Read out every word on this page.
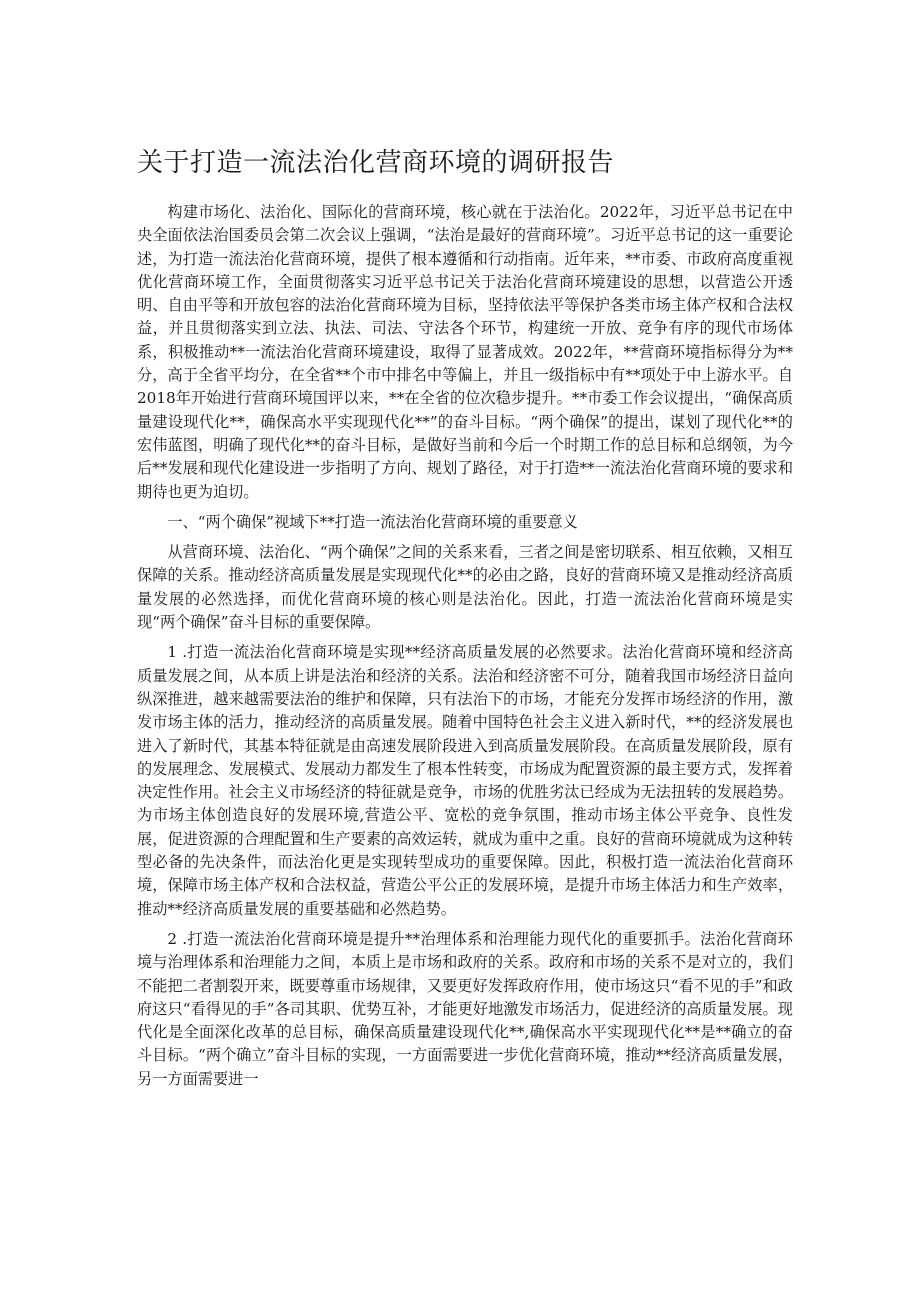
关于打造一流法治化营商环境的调研报告

构建市场化、法治化、国际化的营商环境，核心就在于法治化。2022年，习近平总书记在中央全面依法治国委员会第二次会议上强调，“法治是最好的营商环境”。习近平总书记的这一重要论述，为打造一流法治化营商环境，提供了根本遵循和行动指南。近年来，**市委、市政府高度重视优化营商环境工作，全面贯彻落实习近平总书记关于法治化营商环境建设的思想，以营造公开透明、自由平等和开放包容的法治化营商环境为目标，坚持依法平等保护各类市场主体产权和合法权益，并且贯彻落实到立法、执法、司法、守法各个环节，构建统一开放、竞争有序的现代市场体系，积极推动**一流法治化营商环境建设，取得了显著成效。2022年，**营商环境指标得分为**分，高于全省平均分，在全省**个市中排名中等偏上，并且一级指标中有**项处于中上游水平。自2018年开始进行营商环境国评以来，**在全省的位次稳步提升。**市委工作会议提出，“确保高质量建设现代化**，确保高水平实现现代化**”的奋斗目标。“两个确保”的提出，谋划了现代化**的宏伟蓝图，明确了现代化**的奋斗目标，是做好当前和今后一个时期工作的总目标和总纲领，为今后**发展和现代化建设进一步指明了方向、规划了路径，对于打造**一流法治化营商环境的要求和期待也更为迫切。

一、“两个确保”视域下**打造一流法治化营商环境的重要意义

从营商环境、法治化、“两个确保”之间的关系来看，三者之间是密切联系、相互依赖，又相互保障的关系。推动经济高质量发展是实现现代化**的必由之路，良好的营商环境又是推动经济高质量发展的必然选择，而优化营商环境的核心则是法治化。因此，打造一流法治化营商环境是实现“两个确保”奋斗目标的重要保障。

1 .打造一流法治化营商环境是实现**经济高质量发展的必然要求。法治化营商环境和经济高质量发展之间，从本质上讲是法治和经济的关系。法治和经济密不可分，随着我国市场经济日益向纵深推进，越来越需要法治的维护和保障，只有法治下的市场，才能充分发挥市场经济的作用，激发市场主体的活力，推动经济的高质量发展。随着中国特色社会主义进入新时代，**的经济发展也进入了新时代，其基本特征就是由高速发展阶段进入到高质量发展阶段。在高质量发展阶段，原有的发展理念、发展模式、发展动力都发生了根本性转变，市场成为配置资源的最主要方式，发挥着决定性作用。社会主义市场经济的特征就是竞争，市场的优胜劣汰已经成为无法扭转的发展趋势。为市场主体创造良好的发展环境,营造公平、宽松的竞争氛围，推动市场主体公平竞争、良性发展，促进资源的合理配置和生产要素的高效运转，就成为重中之重。良好的营商环境就成为这种转型必备的先决条件，而法治化更是实现转型成功的重要保障。因此，积极打造一流法治化营商环境，保障市场主体产权和合法权益，营造公平公正的发展环境，是提升市场主体活力和生产效率，推动**经济高质量发展的重要基础和必然趋势。

2 .打造一流法治化营商环境是提升**治理体系和治理能力现代化的重要抓手。法治化营商环境与治理体系和治理能力之间，本质上是市场和政府的关系。政府和市场的关系不是对立的，我们不能把二者割裂开来，既要尊重市场规律，又要更好发挥政府作用，使市场这只“看不见的手”和政府这只“看得见的手”各司其职、优势互补，才能更好地激发市场活力，促进经济的高质量发展。现代化是全面深化改革的总目标，确保高质量建设现代化**,确保高水平实现现代化**是**确立的奋斗目标。“两个确立”奋斗目标的实现，一方面需要进一步优化营商环境，推动**经济高质量发展，另一方面需要进一
